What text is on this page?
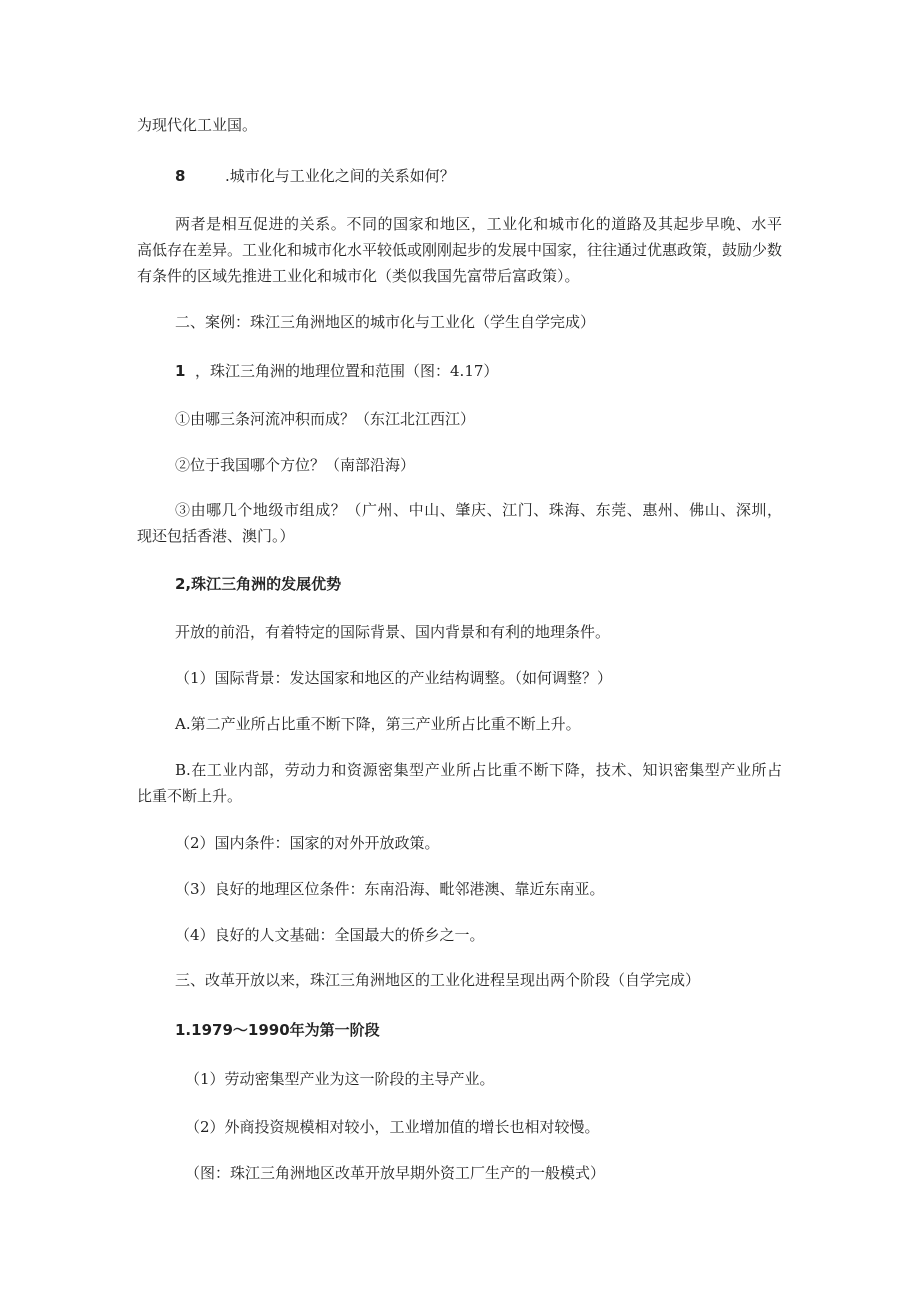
为现代化工业国。
8	.城市化与工业化之间的关系如何？
两者是相互促进的关系。不同的国家和地区，工业化和城市化的道路及其起步早晚、水平
高低存在差异。工业化和城市化水平较低或刚刚起步的发展中国家，往往通过优惠政策，鼓励少数
有条件的区域先推进工业化和城市化（类似我国先富带后富政策）。
二、案例：珠江三角洲地区的城市化与工业化（学生自学完成）
1 ，珠江三角洲的地理位置和范围（图：4.17）
①由哪三条河流冲积而成？（东江北江西江）
②位于我国哪个方位？（南部沿海）
③由哪几个地级市组成？（广州、中山、肇庆、江门、珠海、东莞、惠州、佛山、深圳，
现还包括香港、澳门。）
2,珠江三角洲的发展优势
开放的前沿，有着特定的国际背景、国内背景和有利的地理条件。
（1）国际背景：发达国家和地区的产业结构调整。（如何调整？）
A.第二产业所占比重不断下降，第三产业所占比重不断上升。
B.在工业内部，劳动力和资源密集型产业所占比重不断下降，技术、知识密集型产业所占
比重不断上升。
（2）国内条件：国家的对外开放政策。
（3）良好的地理区位条件：东南沿海、毗邻港澳、靠近东南亚。
（4）良好的人文基础：全国最大的侨乡之一。
三、改革开放以来，珠江三角洲地区的工业化进程呈现出两个阶段（自学完成）
1.1979～1990年为第一阶段
（1）劳动密集型产业为这一阶段的主导产业。
（2）外商投资规模相对较小，工业增加值的增长也相对较慢。
（图：珠江三角洲地区改革开放早期外资工厂生产的一般模式）
